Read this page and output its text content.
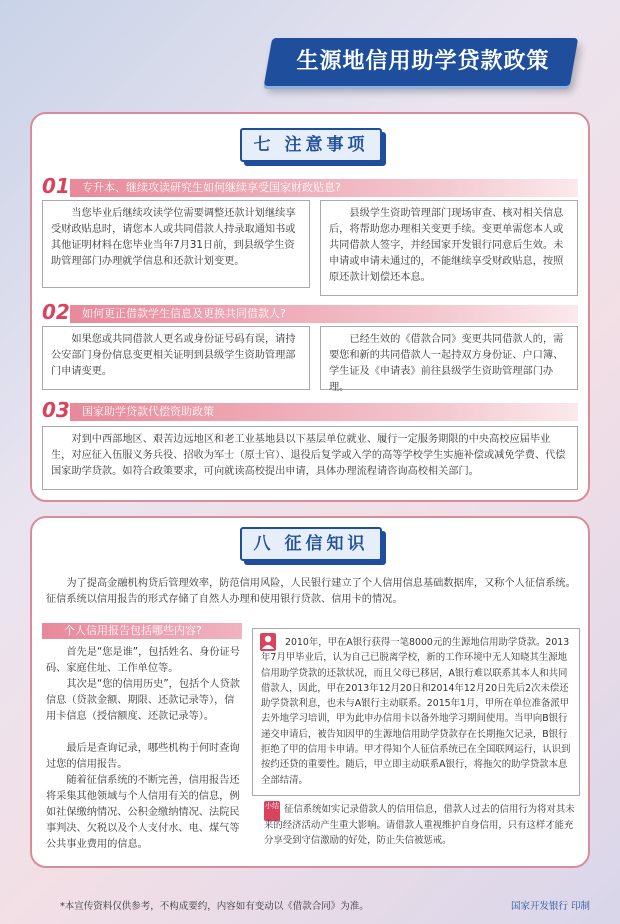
生源地信用助学贷款政策
七 注意事项
01 专升本、继续攻读研究生如何继续享受国家财政贴息?
当您毕业后继续攻读学位需要调整还款计划继续享受财政贴息时，请您本人或共同借款人持录取通知书或其他证明材料在您毕业当年7月31日前，到县级学生资助管理部门办理就学信息和还款计划变更。
县级学生资助管理部门现场审查、核对相关信息后，将帮助您办理相关变更手续。变更单需您本人或共同借款人签字，并经国家开发银行同意后生效。未申请或申请未通过的，不能继续享受财政贴息，按照原还款计划偿还本息。
02 如何更正借款学生信息及更换共同借款人?
如果您或共同借款人更名或身份证号码有误，请持公安部门身份信息变更相关证明到县级学生资助管理部门申请变更。
已经生效的《借款合同》变更共同借款人的，需要您和新的共同借款人一起持双方身份证、户口簿、学生证及《申请表》前往县级学生资助管理部门办理。
03 国家助学贷款代偿资助政策
对到中西部地区、艰苦边远地区和老工业基地县以下基层单位就业、履行一定服务期限的中央高校应届毕业生，对应征入伍服义务兵役、招收为军士（原士官）、退役后复学或入学的高等学校学生实施补偿或减免学费、代偿国家助学贷款。如符合政策要求，可向就读高校提出申请，具体办理流程请咨询高校相关部门。
八 征信知识
为了提高金融机构贷后管理效率，防范信用风险，人民银行建立了个人信用信息基础数据库，又称个人征信系统。征信系统以信用报告的形式存储了自然人办理和使用银行贷款、信用卡的情况。
个人信用报告包括哪些内容?
首先是“您是谁”，包括姓名、身份证号码、家庭住址、工作单位等。
其次是“您的信用历史”，包括个人贷款信息（贷款金额、期限、还款记录等），信用卡信息（授信额度、还款记录等）。
最后是查询记录，哪些机构于何时查询过您的信用报告。
随着征信系统的不断完善，信用报告还将采集其他领域与个人信用有关的信息，例如社保缴纳情况、公积金缴纳情况、法院民事判决、欠税以及个人支付水、电、煤气等公共事业费用的信息。
2010年，甲在A银行获得一笔8000元的生源地信用助学贷款。2013年7月甲毕业后，认为自己已脱离学校，新的工作环境中无人知晓其生源地信用助学贷款的还款状况，而且父母已移居，A银行难以联系其本人和共同借款人，因此，甲在2013年12月20日和2014年12月20日先后2次未偿还助学贷款利息，也未与A银行主动联系。2015年1月，甲所在单位准备派甲去外地学习培训，甲为此申办信用卡以备外地学习期间使用。当甲向B银行递交申请后，被告知因甲的生源地信用助学贷款存在长期拖欠记录，B银行拒绝了甲的信用卡申请。甲才得知个人征信系统已在全国联网运行，认识到按约还贷的重要性。随后，甲立即主动联系A银行，将拖欠的助学贷款本息全部结清。
小结 征信系统如实记录借款人的信用信息，借款人过去的信用行为将对其未来的经济活动产生重大影响。请借款人重视维护自身信用，只有这样才能充分享受到守信激励的好处，防止失信被惩戒。
*本宣传资料仅供参考，不构成要约，内容如有变动以《借款合同》为准。	国家开发银行 印制
